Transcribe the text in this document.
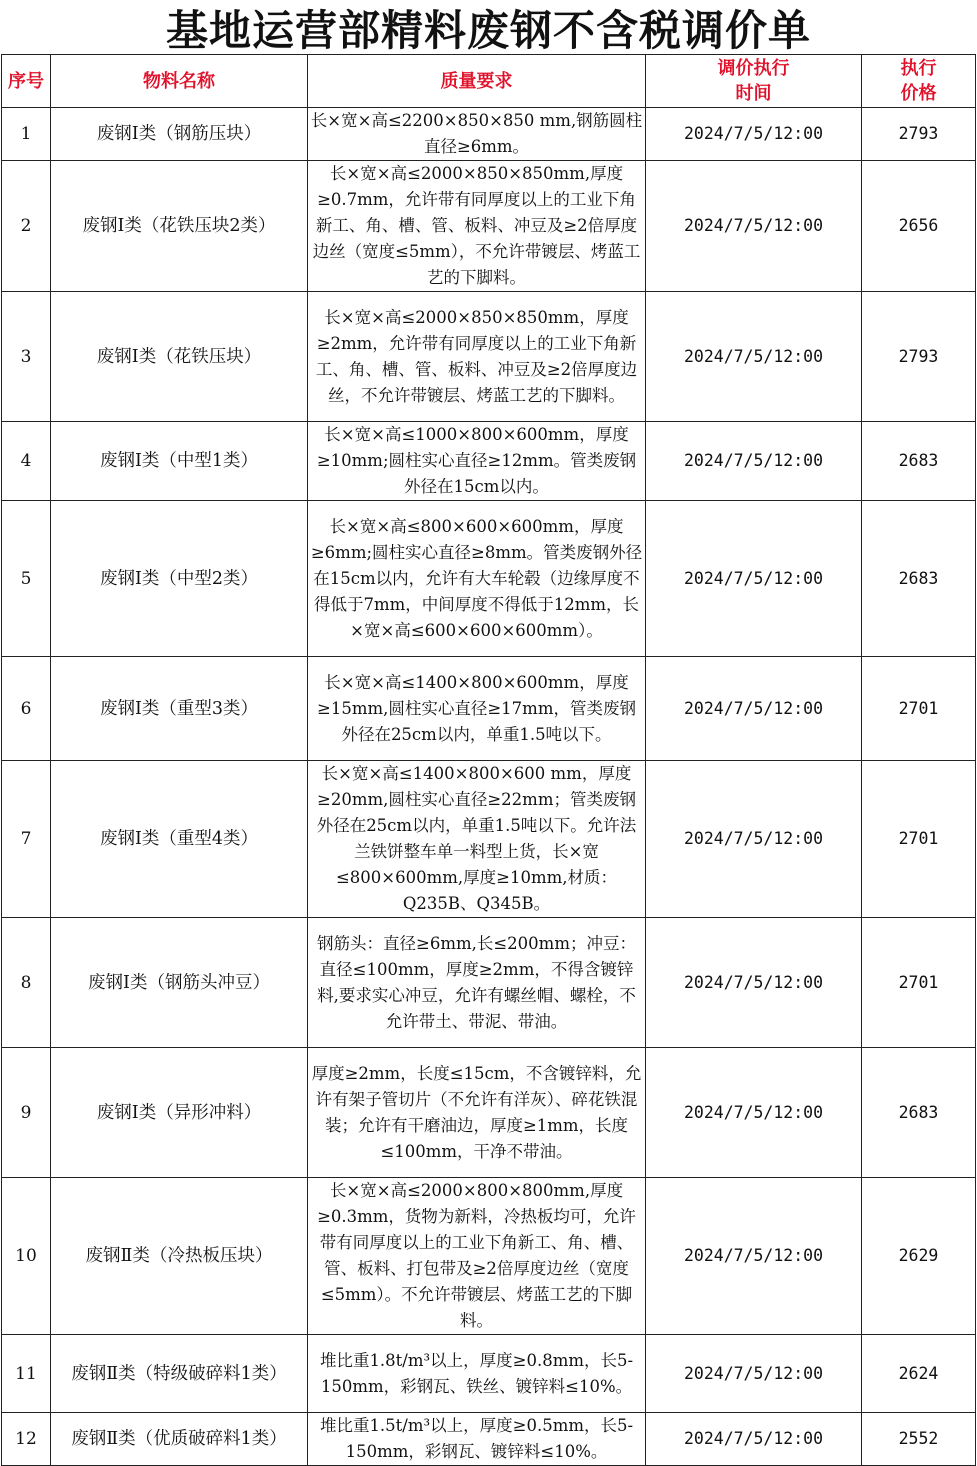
基地运营部精料废钢不含税调价单
序号	物料名称	质量要求	调价执行时间	执行价格
1	废钢Ⅰ类（钢筋压块）	长×宽×高≤2200×850×850 mm,钢筋圆柱直径≥6mm。	2024/7/5/12:00	2793
2	废钢Ⅰ类（花铁压块2类）	长×宽×高≤2000×850×850mm,厚度≥0.7mm，允许带有同厚度以上的工业下角新工、角、槽、管、板料、冲豆及≥2倍厚度边丝（宽度≤5mm），不允许带镀层、烤蓝工艺的下脚料。	2024/7/5/12:00	2656
3	废钢Ⅰ类（花铁压块）	长×宽×高≤2000×850×850mm，厚度≥2mm，允许带有同厚度以上的工业下角新工、角、槽、管、板料、冲豆及≥2倍厚度边丝，不允许带镀层、烤蓝工艺的下脚料。	2024/7/5/12:00	2793
4	废钢Ⅰ类（中型1类）	长×宽×高≤1000×800×600mm，厚度≥10mm;圆柱实心直径≥12mm。管类废钢外径在15cm以内。	2024/7/5/12:00	2683
5	废钢Ⅰ类（中型2类）	长×宽×高≤800×600×600mm，厚度≥6mm;圆柱实心直径≥8mm。管类废钢外径在15cm以内，允许有大车轮毂（边缘厚度不得低于7mm，中间厚度不得低于12mm，长×宽×高≤600×600×600mm）。	2024/7/5/12:00	2683
6	废钢Ⅰ类（重型3类）	长×宽×高≤1400×800×600mm，厚度≥15mm,圆柱实心直径≥17mm，管类废钢外径在25cm以内，单重1.5吨以下。	2024/7/5/12:00	2701
7	废钢Ⅰ类（重型4类）	长×宽×高≤1400×800×600 mm，厚度≥20mm,圆柱实心直径≥22mm；管类废钢外径在25cm以内，单重1.5吨以下。允许法兰铁饼整车单一料型上货，长×宽≤800×600mm,厚度≥10mm,材质：Q235B、Q345B。	2024/7/5/12:00	2701
8	废钢Ⅰ类（钢筋头冲豆）	钢筋头：直径≥6mm,长≤200mm；冲豆：直径≤100mm，厚度≥2mm，不得含镀锌料,要求实心冲豆，允许有螺丝帽、螺栓，不允许带土、带泥、带油。	2024/7/5/12:00	2701
9	废钢Ⅰ类（异形冲料）	厚度≥2mm，长度≤15cm，不含镀锌料，允许有架子管切片（不允许有洋灰）、碎花铁混装；允许有干磨油边，厚度≥1mm，长度≤100mm，干净不带油。	2024/7/5/12:00	2683
10	废钢Ⅱ类（冷热板压块）	长×宽×高≤2000×800×800mm,厚度≥0.3mm，货物为新料，冷热板均可，允许带有同厚度以上的工业下角新工、角、槽、管、板料、打包带及≥2倍厚度边丝（宽度≤5mm）。不允许带镀层、烤蓝工艺的下脚料。	2024/7/5/12:00	2629
11	废钢Ⅱ类（特级破碎料1类）	堆比重1.8t/m³以上，厚度≥0.8mm，长5-150mm，彩钢瓦、铁丝、镀锌料≤10%。	2024/7/5/12:00	2624
12	废钢Ⅱ类（优质破碎料1类）	堆比重1.5t/m³以上，厚度≥0.5mm，长5-150mm，彩钢瓦、镀锌料≤10%。	2024/7/5/12:00	2552
